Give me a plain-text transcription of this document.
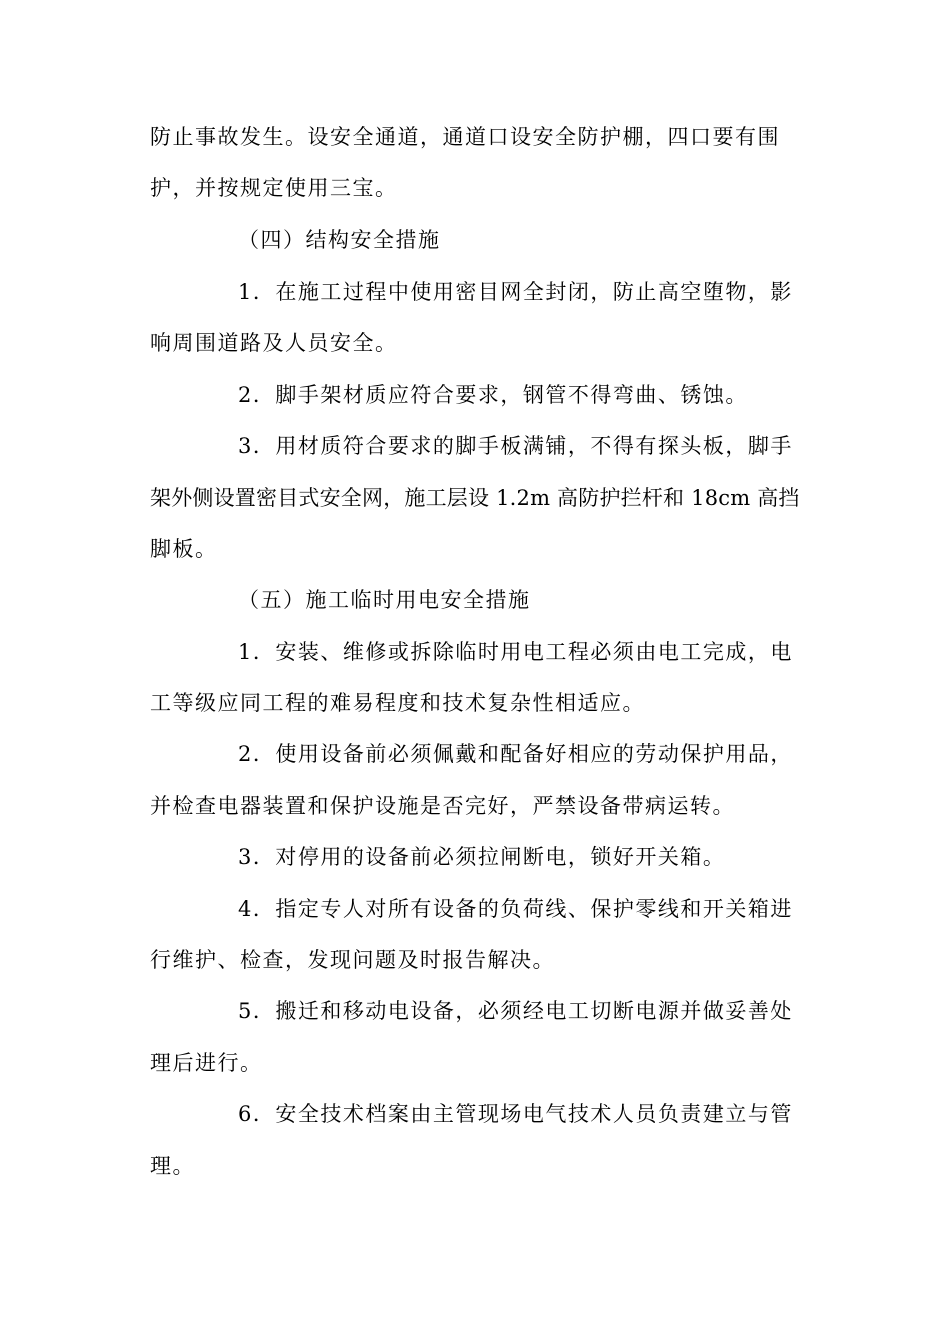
防止事故发生。设安全通道，通道口设安全防护棚，四口要有围
护，并按规定使用三宝。
（四）结构安全措施
1．在施工过程中使用密目网全封闭，防止高空堕物，影
响周围道路及人员安全。
2．脚手架材质应符合要求，钢管不得弯曲、锈蚀。
3．用材质符合要求的脚手板满铺，不得有探头板，脚手
架外侧设置密目式安全网，施工层设 1.2m 高防护拦杆和 18cm 高挡
脚板。
（五）施工临时用电安全措施
1．安装、维修或拆除临时用电工程必须由电工完成，电
工等级应同工程的难易程度和技术复杂性相适应。
2．使用设备前必须佩戴和配备好相应的劳动保护用品，
并检查电器装置和保护设施是否完好，严禁设备带病运转。
3．对停用的设备前必须拉闸断电，锁好开关箱。
4．指定专人对所有设备的负荷线、保护零线和开关箱进
行维护、检查，发现问题及时报告解决。
5．搬迁和移动电设备，必须经电工切断电源并做妥善处
理后进行。
6．安全技术档案由主管现场电气技术人员负责建立与管
理。
